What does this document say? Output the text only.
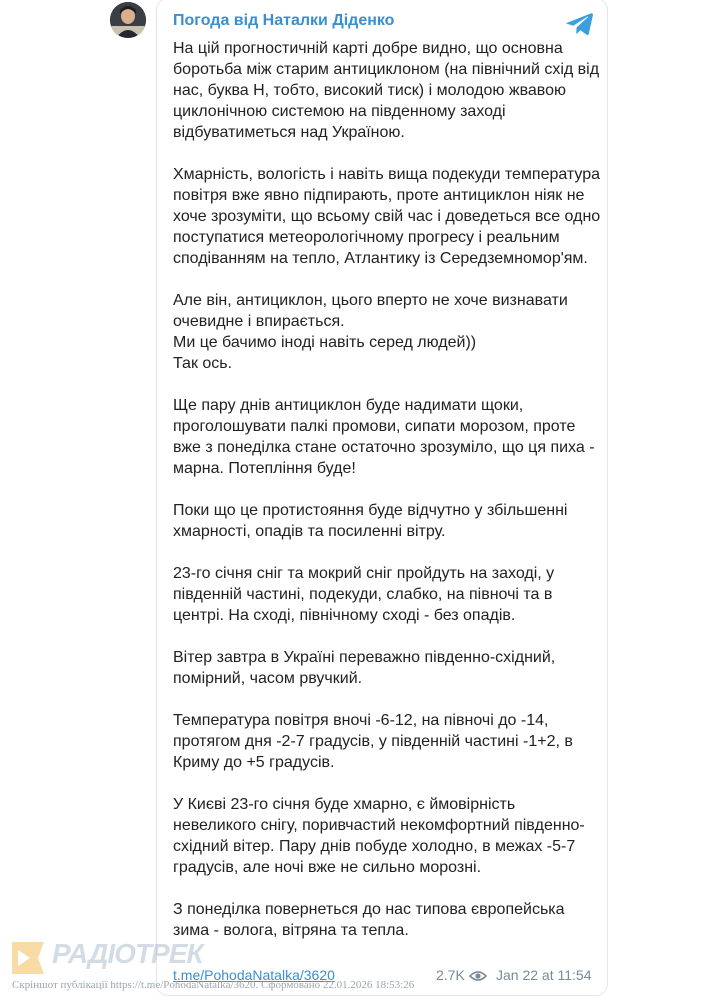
Погода від Наталки Діденко

На цій прогностичній карті добре видно, що основна боротьба між старим антициклоном (на північний схід від нас, буква Н, тобто, високий тиск) і молодою жвавою циклонічною системою на південному заході відбуватиметься над Україною.

Хмарність, вологість і навіть вища подекуди температура повітря вже явно підпирають, проте антициклон ніяк не хоче зрозуміти, що всьому свій час і доведеться все одно поступатися метеорологічному прогресу і реальним сподіванням на тепло, Атлантику із Середземномор'ям.

Але він, антициклон, цього вперто не хоче визнавати очевидне і впирається.
Ми це бачимо іноді навіть серед людей))
Так ось.

Ще пару днів антициклон буде надимати щоки, проголошувати палкі промови, сипати морозом, проте вже з понеділка стане остаточно зрозуміло, що ця пиха - марна. Потепління буде!

Поки що це протистояння буде відчутно у збільшенні хмарності, опадів та посиленні вітру.

23-го січня сніг та мокрий сніг пройдуть на заході, у південній частині, подекуди, слабко, на півночі та в центрі. На сході, північному сході - без опадів.

Вітер завтра в Україні переважно південно-східний, помірний, часом рвучкий.

Температура повітря вночі -6-12, на півночі до -14, протягом дня -2-7 градусів, у південній частині -1+2, в Криму до +5 градусів.

У Києві 23-го січня буде хмарно, є ймовірність невеликого снігу, поривчастий некомфортний південно-східний вітер. Пару днів побуде холодно, в межах -5-7 градусів, але ночі вже не сильно морозні.

З понеділка повернеться до нас типова європейська зима - волога, вітряна та тепла.

РАДІОТРЕК
t.me/PohodaNatalka/3620	2.7K Jan 22 at 11:54
Скріншот публікації https://t.me/PohodaNatalka/3620. Сформовано 22.01.2026 18:53:26
